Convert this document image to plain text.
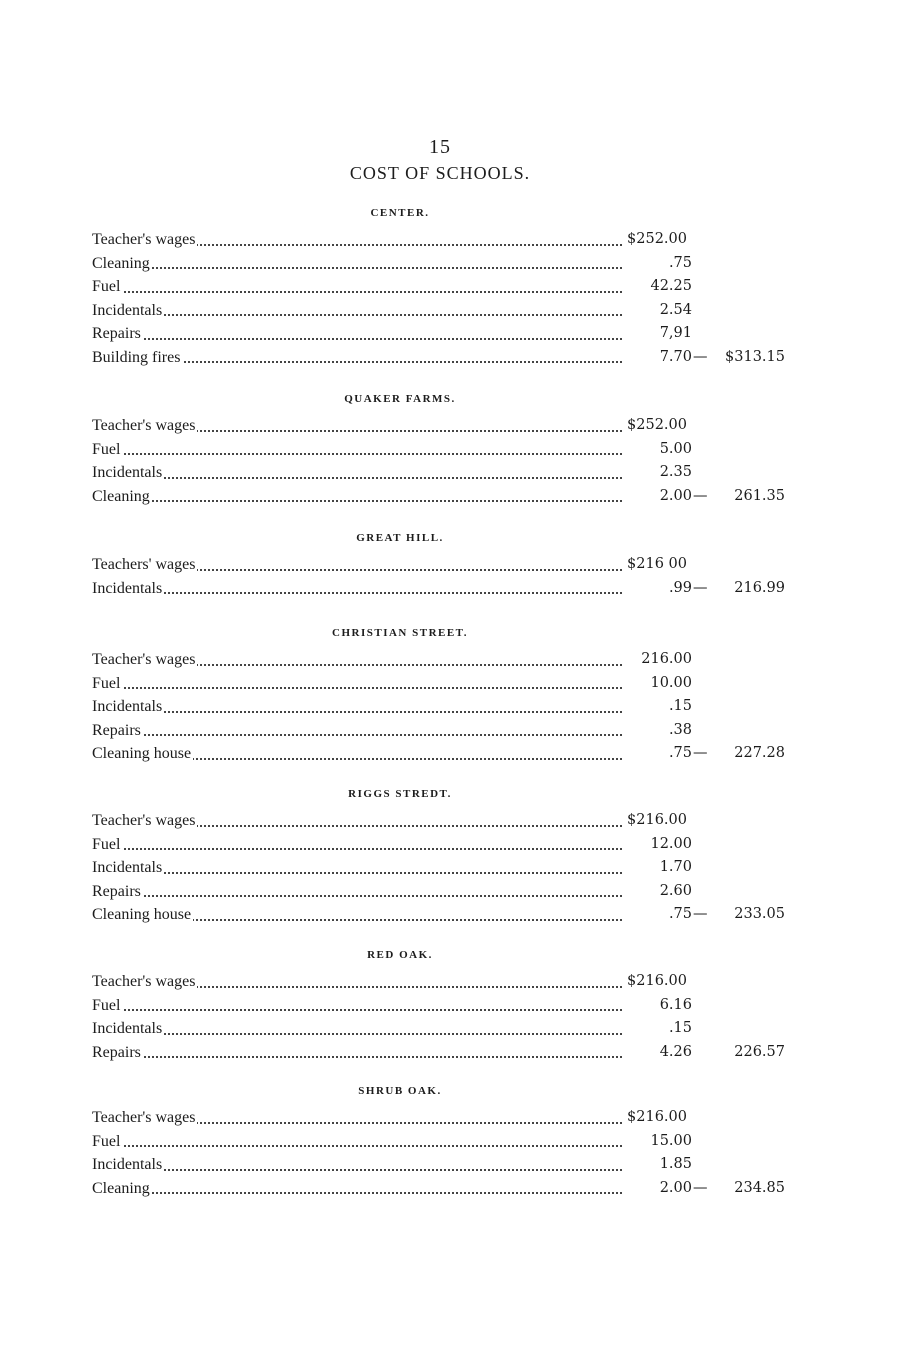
15
COST OF SCHOOLS.
CENTER.
Teacher's wages	$252.00
Cleaning	.75
Fuel	42.25
Incidentals	2.54
Repairs	7,91
Building fires	7.70 —	$313.15
QUAKER FARMS.
Teacher's wages	$252.00
Fuel	5.00
Incidentals	2.35
Cleaning	2.00 —	261.35
GREAT HILL.
Teachers' wages	$216 00
Incidentals	.99 —	216.99
CHRISTIAN STREET.
Teacher's wages	216.00
Fuel	10.00
Incidentals	.15
Repairs	.38
Cleaning house	.75 —	227.28
RIGGS STREDT.
Teacher's wages	$216.00
Fuel	12.00
Incidentals	1.70
Repairs	2.60
Cleaning house	.75 —	233.05
RED OAK.
Teacher's wages	$216.00
Fuel	6.16
Incidentals	.15
Repairs	4.26	226.57
SHRUB OAK.
Teacher's wages	$216.00
Fuel	15.00
Incidentals	1.85
Cleaning	2.00 —	234.85
